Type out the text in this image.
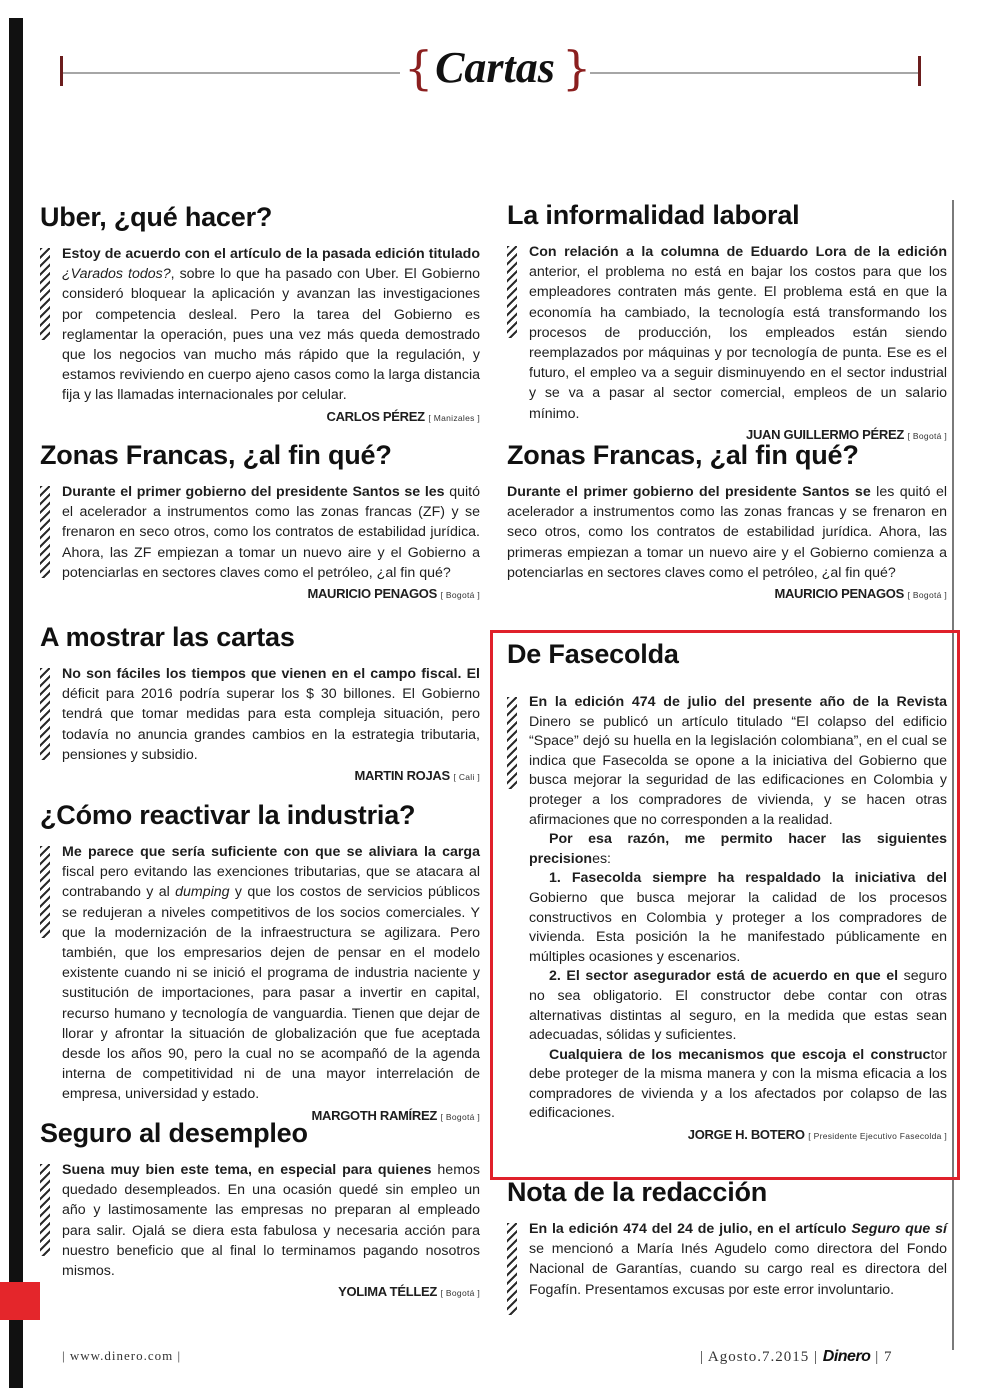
{ Cartas }
Uber, ¿qué hacer?

Estoy de acuerdo con el artículo de la pasada edición titulado ¿Varados todos?, sobre lo que ha pasado con Uber. El Gobierno consideró bloquear la aplicación y avanzan las investigaciones por competencia desleal. Pero la tarea del Gobierno es reglamentar la operación, pues una vez más queda demostrado que los negocios van mucho más rápido que la regulación, y estamos reviviendo en cuerpo ajeno casos como la larga distancia fija y las llamadas internacionales por celular.

CARLOS PÉREZ [ Manizales ]
Zonas Francas, ¿al fin qué?

Durante el primer gobierno del presidente Santos se les quitó el acelerador a instrumentos como las zonas francas (ZF) y se frenaron en seco otros, como los contratos de estabilidad jurídica. Ahora, las ZF empiezan a tomar un nuevo aire y el Gobierno a potenciarlas en sectores claves como el petróleo, ¿al fin qué?

MAURICIO PENAGOS [ Bogotá ]
A mostrar las cartas

No son fáciles los tiempos que vienen en el campo fiscal. El déficit para 2016 podría superar los $ 30 billones. El Gobierno tendrá que tomar medidas para esta compleja situación, pero todavía no anuncia grandes cambios en la estrategia tributaria, pensiones y subsidio.

MARTIN ROJAS [ Cali ]
¿Cómo reactivar la industria?

Me parece que sería suficiente con que se aliviara la carga fiscal pero evitando las exenciones tributarias, que se atacara al contrabando y al dumping y que los costos de servicios públicos se redujeran a niveles competitivos de los socios comerciales. Y que la modernización de la infraestructura se agilizara. Pero también, que los empresarios dejen de pensar en el modelo existente cuando ni se inició el programa de industria naciente y sustitución de importaciones, para pasar a invertir en capital, recurso humano y tecnología de vanguardia. Tienen que dejar de llorar y afrontar la situación de globalización que fue aceptada desde los años 90, pero la cual no se acompañó de la agenda interna de competitividad ni de una mayor interrelación de empresa, universidad y estado.

MARGOTH RAMÍREZ [ Bogotá ]
Seguro al desempleo

Suena muy bien este tema, en especial para quienes hemos quedado desempleados. En una ocasión quedé sin empleo un año y lastimosamente las empresas no preparan al empleado para salir. Ojalá se diera esta fabulosa y necesaria acción para nuestro beneficio que al final lo terminamos pagando nosotros mismos.

YOLIMA TÉLLEZ [ Bogotá ]
La informalidad laboral

Con relación a la columna de Eduardo Lora de la edición anterior, el problema no está en bajar los costos para que los empleadores contraten más gente. El problema está en que la economía ha cambiado, la tecnología está transformando los procesos de producción, los empleados están siendo reemplazados por máquinas y por tecnología de punta. Ese es el futuro, el empleo va a seguir disminuyendo en el sector industrial y se va a pasar al sector comercial, empleos de un salario mínimo.

JUAN GUILLERMO PÉREZ [ Bogotá ]
Zonas Francas, ¿al fin qué?

Durante el primer gobierno del presidente Santos se les quitó el acelerador a instrumentos como las zonas francas y se frenaron en seco otros, como los contratos de estabilidad jurídica. Ahora, las primeras empiezan a tomar un nuevo aire y el Gobierno comienza a potenciarlas en sectores claves como el petróleo, ¿al fin qué?

MAURICIO PENAGOS [ Bogotá ]
De Fasecolda

En la edición 474 de julio del presente año de la Revista Dinero se publicó un artículo titulado “El colapso del edificio “Space” dejó su huella en la legislación colombiana”, en el cual se indica que Fasecolda se opone a la iniciativa del Gobierno que busca mejorar la seguridad de las edificaciones en Colombia y proteger a los compradores de vivienda, y se hacen otras afirmaciones que no corresponden a la realidad.

Por esa razón, me permito hacer las siguientes precisiones:

1. Fasecolda siempre ha respaldado la iniciativa del Gobierno que busca mejorar la calidad de los procesos constructivos en Colombia y proteger a los compradores de vivienda. Esta posición la he manifestado públicamente en múltiples ocasiones y escenarios.

2. El sector asegurador está de acuerdo en que el seguro no sea obligatorio. El constructor debe contar con otras alternativas distintas al seguro, en la medida que estas sean adecuadas, sólidas y suficientes.

Cualquiera de los mecanismos que escoja el constructor debe proteger de la misma manera y con la misma eficacia a los compradores de vivienda y a los afectados por colapso de las edificaciones.

JORGE H. BOTERO [ Presidente Ejecutivo Fasecolda ]
Nota de la redacción

En la edición 474 del 24 de julio, en el artículo Seguro que sí se mencionó a María Inés Agudelo como directora del Fondo Nacional de Garantías, cuando su cargo real es directora del Fogafín. Presentamos excusas por este error involuntario.

| www.dinero.com |	| Agosto.7.2015 | Dinero | 7
